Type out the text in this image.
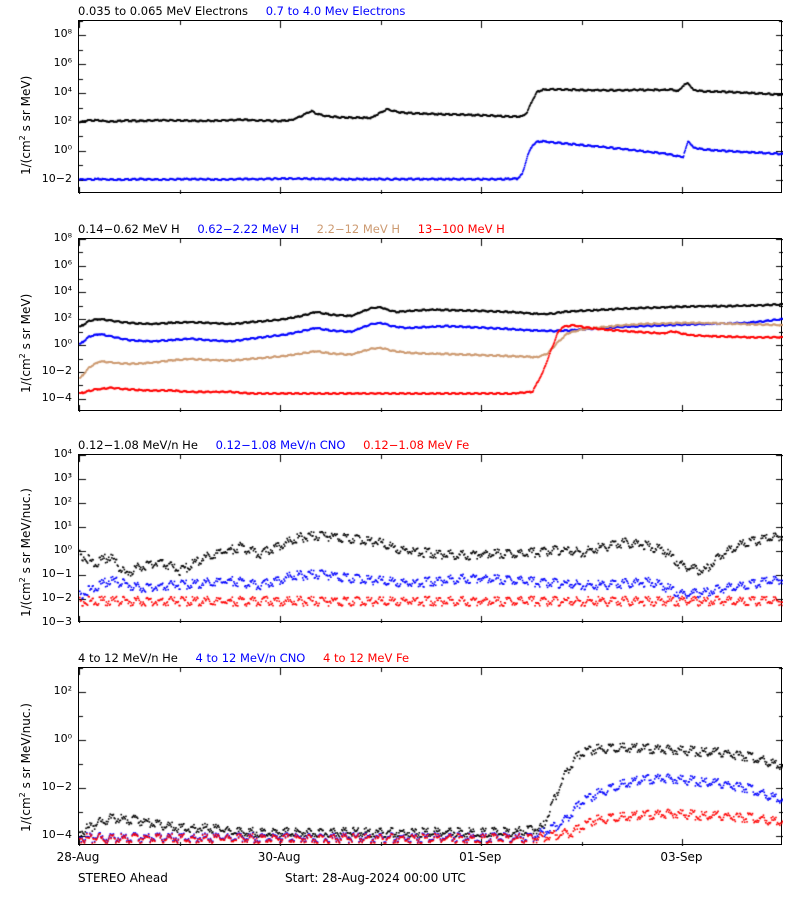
0.035 to 0.065 MeV Electrons 0.7 to 4.0 Mev Electrons
$1/(cm^2$ s sr MeV)
0.14−0.62 MeV H 0.62−2.22 MeV H 2.2−12 MeV H 13−100 MeV H
$1/(cm^2$ s sr MeV)
0.12−1.08 MeV/n He 0.12−1.08 MeV/n CNO 0.12−1.08 MeV Fe
$1/(cm^2$ s sr MeV/nuc.)
4 to 12 MeV/n He 4 to 12 MeV/n CNO 4 to 12 MeV Fe
$1/(cm^2$ s sr MeV/nuc.)
10−2
10⁰
10²
10⁴
10⁶
10⁸
10−4
10−2
10⁰
10²
10⁴
10⁶
10⁸
10−3
10−2
10−1
10⁰
10¹
10²
10³
10⁴
10−4
10−2
10⁰
10²
28-Aug	30-Aug	01-Sep	03-Sep
STEREO Ahead	Start: 28-Aug-2024 00:00 UTC
